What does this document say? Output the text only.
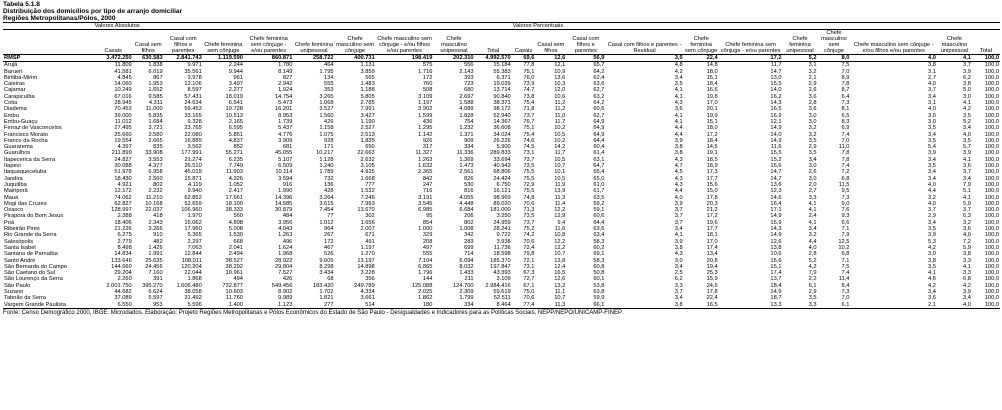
Tabela 5.1.8
Distribuição dos domicílios por tipo de arranjo domiciliar
Regiões Metropolitanas/Pólos, 2000
	Valores Absolutos										Valores Percentuais										
	Casais	Casal sem filhos	Casal com filhos e parentes	Chefe feminina sem cônjuge	Chefe feminina sem cônjuge - e/ou parentes	Chefe feminina unipessoal	Chefe masculino sem cônjuge	Chefe masculino sem cônjuge - e/ou filhos e/ou parentes	Chefe masculino unipessoal	Total	Casais	Casal sem filhos	Casal com filhos e parentes	Casal com filhos e parentes - Residual	Chefe feminina sem cônjuge	Chefe feminina sem cônjuge - e/ou parentes	Chefe feminina unipessoal	Chefe masculino sem cônjuge	Chefe masculino sem cônjuge - e/ou filhos e/ou parentes	Chefe masculino unipessoal	Total
RMSP	3.472.250	630.583	2.841.743	1.119.590	860.871	258.722	400.731	198.419	202.310	4.992.570	69,6	12,6	56,9	3,5	22,4	17,2	5,2	8,0	4,0	4,1	100,0
Arujá	11.809	1.838	9.971	2.244	1.780	464	1.131	575	556	15.184	77,8	12,1	65,7	4,8	14,8	11,7	3,1	7,5	3,8	3,7	100,0
Barueri	41.581	6.019	35.561	9.944	8.149	1.795	3.859	1.716	2.143	55.383	75,1	10,9	64,2	4,2	18,0	14,7	3,2	7,0	3,1	3,9	100,0
Biritiba-Mirim	4.845	867	3.978	961	827	134	565	172	393	6.371	76,0	13,6	62,4	3,4	15,1	13,0	2,1	8,9	2,7	6,2	100,0
Caieiras	14.060	1.953	12.106	3.497	2.942	555	1.483	760	723	19.039	73,9	10,3	63,6	3,5	18,4	15,5	2,9	7,8	4,0	3,8	100,0
Cajamar	10.249	1.652	8.597	2.277	1.924	353	1.188	508	680	13.714	74,7	12,0	62,7	4,1	16,6	14,0	2,6	8,7	3,7	5,0	100,0
Carapicuíba	67.016	9.585	57.431	18.019	14.754	3.265	5.805	3.109	2.697	90.840	73,8	10,6	63,2	4,1	19,8	16,2	3,6	6,4	3,4	3,0	100,0
Cotia	28.945	4.311	24.634	6.541	5.473	1.068	2.785	1.197	1.588	38.371	75,4	11,2	64,2	4,3	17,0	14,3	2,8	7,3	3,1	4,1	100,0
Diadema	70.453	11.000	59.453	19.728	16.201	3.527	7.991	3.902	4.089	98.172	71,8	11,2	60,6	3,6	20,1	16,5	3,6	8,1	4,0	4,2	100,0
Embu	39.000	5.835	33.165	10.513	8.953	1.560	3.427	1.599	1.828	52.940	73,7	11,0	62,7	4,1	19,9	16,9	3,0	6,5	3,0	3,5	100,0
Embu-Guaçu	11.012	1.684	9.328	2.165	1.739	426	1.190	436	754	14.367	76,7	11,7	64,9	4,1	15,1	12,1	3,0	8,3	3,0	5,2	100,0
Ferraz de Vasconcelos	27.495	3.721	23.765	6.595	5.437	1.158	2.527	1.295	1.232	36.608	75,1	10,2	64,9	4,4	18,0	14,9	3,2	6,9	3,5	3,4	100,0
Francisco Morato	25.660	3.580	22.080	5.851	4.776	1.075	2.513	1.142	1.371	34.024	75,4	10,5	64,9	4,4	17,2	14,0	3,2	7,4	3,4	4,0	100,0
Franco da Rocha	19.554	2.665	16.889	4.837	3.909	928	1.835	926	909	26.226	74,6	10,2	64,4	3,9	18,4	14,9	3,5	7,0	3,5	3,5	100,0
Guararema	4.397	835	3.562	852	681	171	650	317	334	5.900	74,5	14,2	60,4	3,8	14,5	11,6	2,9	11,0	5,4	5,7	100,0
Guarulhos	211.899	33.908	177.991	55.271	45.055	10.217	22.663	11.327	11.336	289.833	73,1	11,7	61,4	3,8	19,1	15,5	3,5	7,8	3,9	3,9	100,0
Itapecerica da Serra	24.827	3.553	21.274	6.235	5.107	1.128	2.632	1.263	1.369	33.694	73,7	10,5	63,1	4,3	18,5	15,2	3,4	7,8	3,4	4,1	100,0
Itapevi	30.088	4.377	26.510	7.749	6.509	1.240	3.105	1.632	1.473	40.943	73,5	10,7	64,7	4,7	18,9	15,6	3,0	7,4	3,5	3,6	100,0
Itaquaquecetuba	51.978	6.958	45.019	11.903	10.114	1.789	4.925	2.365	2.561	68.806	75,5	10,1	65,4	4,5	17,3	14,7	2,6	7,2	3,4	3,7	100,0
Jandira	18.430	2.560	15.871	4.326	3.594	732	1.668	842	826	24.424	75,5	10,5	65,0	4,3	17,7	14,7	3,0	6,8	3,4	3,4	100,0
Juquitiba	4.921	802	4.119	1.052	916	136	777	247	530	6.750	72,9	11,9	61,0	4,3	15,6	13,6	2,0	11,5	4,0	7,9	100,0
Mairiporã	12.172	2.232	9.940	2.417	1.990	428	1.532	716	816	16.121	75,5	13,9	61,7	4,4	15,0	12,3	2,7	9,5	4,4	5,1	100,0
Mauá	74.062	11.210	62.852	17.661	14.396	3.264	7.246	3.191	4.055	98.969	74,8	11,3	63,5	4,0	17,8	14,6	3,3	7,3	3,2	4,1	100,0
Mogi das Cruzes	62.827	10.168	52.659	18.100	14.585	3.615	7.993	3.545	4.448	89.020	70,6	11,4	59,2	3,9	20,3	16,4	4,1	9,0	4,0	5,0	100,0
Osasco	128.997	22.037	106.960	38.333	30.879	7.454	13.670	6.985	6.684	181.000	71,3	12,2	59,1	3,7	21,2	17,1	4,1	7,6	3,7	3,7	100,0
Pirapora do Bom Jesus	2.388	418	1.970	560	484	77	302	95	206	3.250	73,5	12,9	60,6	3,7	17,2	14,9	2,4	9,3	2,9	6,3	100,0
Poá	18.406	2.343	16.062	4.898	3.956	1.012	1.656	854	802	24.959	73,7	9,4	64,4	3,7	19,6	15,9	4,1	6,6	3,4	3,2	100,0
Ribeirão Pires	21.226	3.266	17.960	5.008	4.043	964	2.007	1.000	1.008	28.241	75,2	11,6	63,6	3,4	17,7	14,3	3,4	7,1	3,5	3,6	100,0
Rio Grande da Serra	6.275	910	5.365	1.530	1.263	267	671	329	342	9.722	74,2	10,8	63,4	4,1	18,1	14,9	3,2	7,9	3,9	4,0	100,0
Salesópolis	2.779	482	2.297	668	496	172	491	208	283	3.938	70,6	12,2	58,3	3,9	17,0	12,6	4,4	12,5	5,3	7,2	100,0
Santa Isabel	8.498	1.426	7.063	2.041	1.624	467	1.197	497	699	11.736	72,4	12,2	60,2	3,8	17,4	13,8	4,0	10,2	4,2	5,9	100,0
Santana de Parnaíba	14.834	1.991	12.844	2.494	1.968	526	1.270	555	714	18.598	79,8	10,7	69,1	4,3	13,4	10,6	2,8	6,8	3,0	3,8	100,0
Santo André	133.646	25.635	108.011	38.527	28.922	9.605	13.197	7.104	6.094	185.370	72,1	13,8	58,3	3,0	20,8	15,6	5,2	7,1	3,8	3,3	100,0
São Bernardo do Campo	144.660	24.456	120.204	38.292	29.804	8.298	14.898	6.865	8.032	197.847	73,1	12,4	60,8	3,4	19,4	15,1	4,2	7,5	3,5	4,1	100,0
São Caetano do Sul	29.204	7.160	22.044	10.961	7.527	3.434	3.228	1.796	1.433	43.393	67,3	16,5	50,8	2,5	25,3	17,4	7,9	7,4	4,1	3,3	100,0
São Lourenço da Serra	2.260	391	1.868	494	426	68	356	144	211	3.109	72,7	12,6	60,1	6,2	15,9	13,7	2,2	11,4	4,6	6,8	100,0
São Paulo	2.001.750	395.270	1.606.480	732.877	549.456	183.420	249.789	125.088	124.700	2.984.416	67,1	13,2	53,8	3,3	24,6	18,4	6,1	8,4	4,2	4,2	100,0
Suzano	44.682	6.624	38.058	10.603	8.902	1.702	4.334	2.025	2.309	59.619	75,0	11,1	63,8	3,7	17,8	14,9	2,9	7,3	3,4	3,9	100,0
Taboão da Serra	37.089	5.597	31.492	11.760	9.989	1.821	3.661	1.862	1.799	52.511	70,6	10,7	59,9	3,4	22,4	18,7	3,5	7,0	3,6	3,4	100,0
Vargem Grande Paulista	6.550	953	5.596	1.400	1.123	277	514	180	334	8.464	77,4	11,3	66,1	3,8	16,5	13,3	3,3	6,1	2,1	4,0	100,0
Fonte: Censo Demográfico 2000, IBGE. Microdados. Elaboração: Projeto Regiões Metropolitanas e Pólos Econômicos do Estado de São Paulo - Desigualdades e Indicadores para as Políticas Sociais, NEPP/NEPO/UNICAMP-FINEP.
